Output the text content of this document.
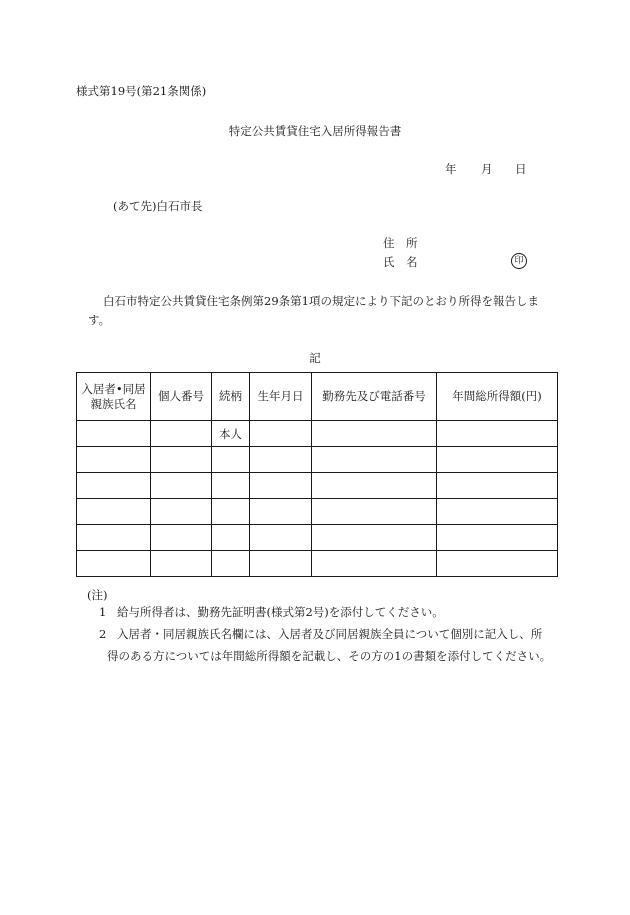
様式第19号(第21条関係)
特定公共賃貸住宅入居所得報告書
年 月 日
(あて先)白石市長
住　所
氏　名	印
白石市特定公共賃貸住宅条例第29条第1項の規定により下記のとおり所得を報告します。
記
入居者•同居親族氏名	個人番号	続柄	生年月日	勤務先及び電話番号	年間総所得額(円)
		本人			

(注)
1 給与所得者は、勤務先証明書(様式第2号)を添付してください。
2 入居者・同居親族氏名欄には、入居者及び同居親族全員について個別に記入し、所
得のある方については年間総所得額を記載し、その方の1の書類を添付してください。
